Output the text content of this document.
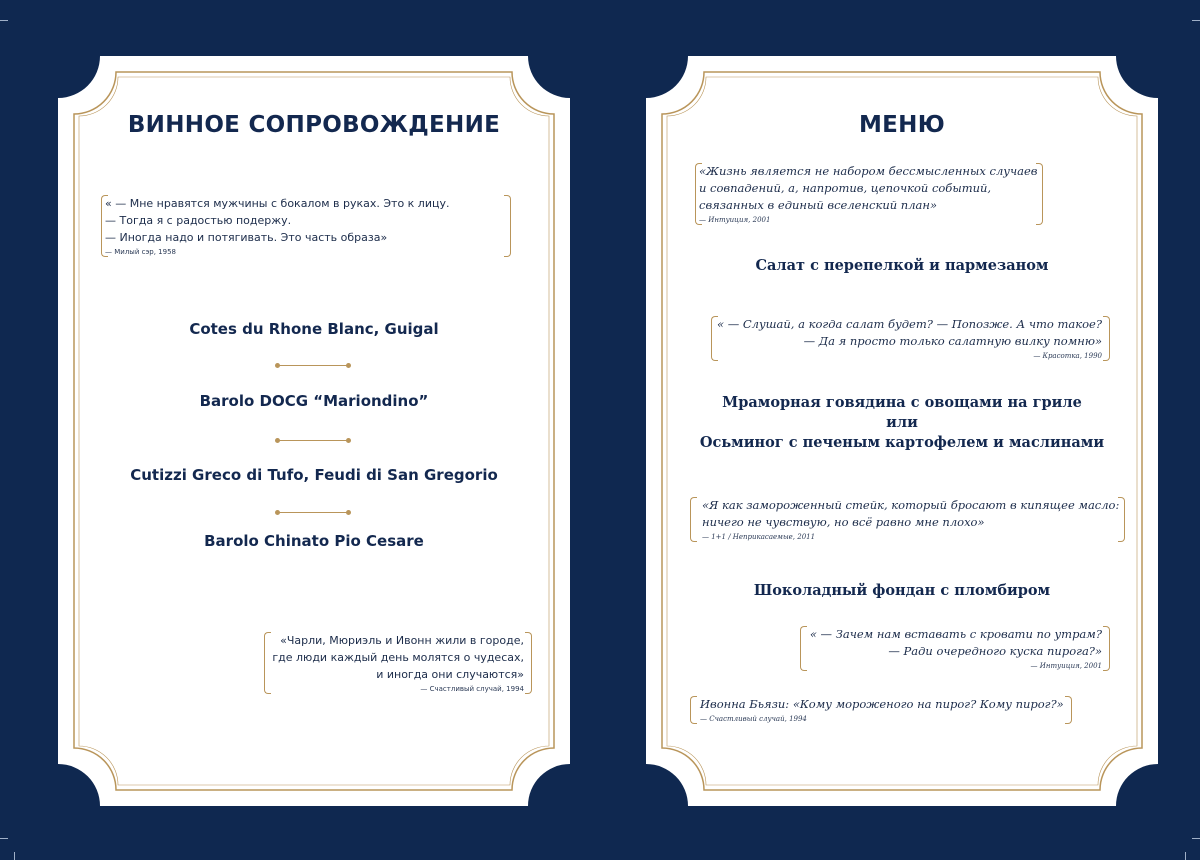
ВИННОЕ СОПРОВОЖДЕНИЕ
« — Мне нравятся мужчины с бокалом в руках. Это к лицу.
— Тогда я с радостью подержу.
— Иногда надо и потягивать. Это часть образа»
— Милый сэр, 1958
Cotes du Rhone Blanc, Guigal
Barolo DOCG “Mariondino”
Cutizzi Greco di Tufo, Feudi di San Gregorio
Barolo Chinato Pio Cesare
«Чарли, Мюриэль и Ивонн жили в городе,
где люди каждый день молятся о чудесах,
и иногда они случаются»
— Счастливый случай, 1994
МЕНЮ
«Жизнь является не набором бессмысленных случаев
и совпадений, а, напротив, цепочкой событий,
связанных в единый вселенский план»
— Интуиция, 2001
Салат с перепелкой и пармезаном
« — Слушай, а когда салат будет? — Попозже. А что такое?
— Да я просто только салатную вилку помню»
— Красотка, 1990
Мраморная говядина с овощами на гриле
или
Осьминог с печеным картофелем и маслинами
«Я как замороженный стейк, который бросают в кипящее масло:
ничего не чувствую, но всё равно мне плохо»
— 1+1 / Неприкасаемые, 2011
Шоколадный фондан с пломбиром
« — Зачем нам вставать с кровати по утрам?
— Ради очередного куска пирога?»
— Интуиция, 2001
Ивонна Бьязи: «Кому мороженого на пирог? Кому пирог?»
— Счастливый случай, 1994
